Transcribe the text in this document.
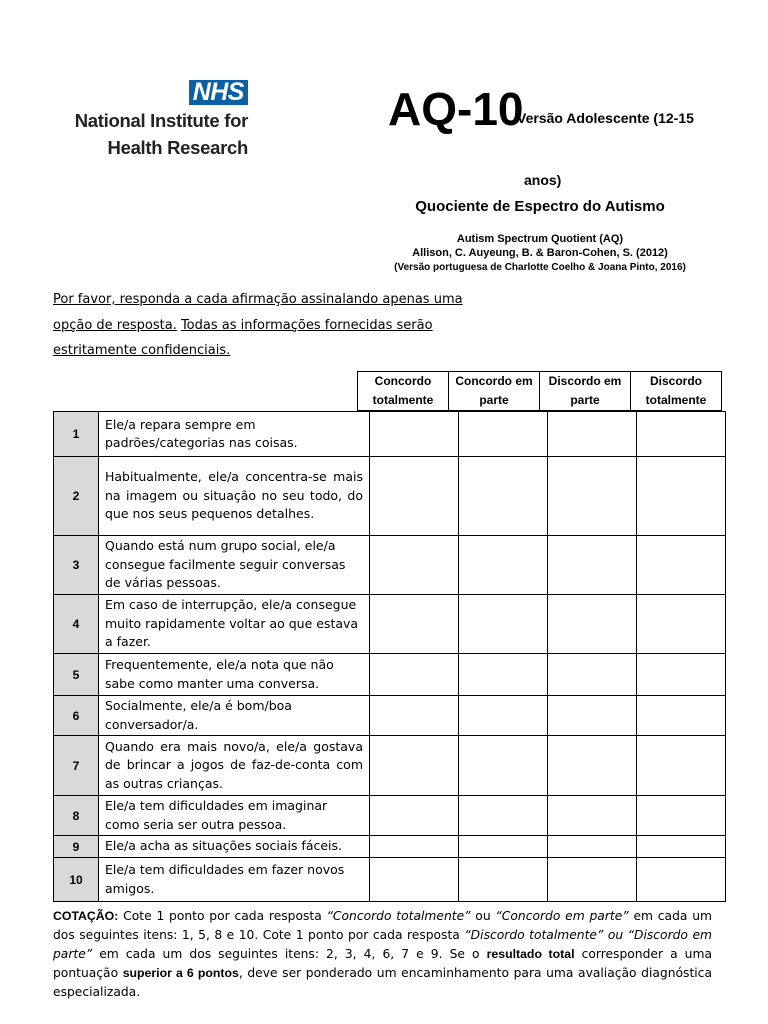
NHS
National Institute for
Health Research
AQ-10
Versão Adolescente (12-15
anos)
Quociente de Espectro do Autismo
Autism Spectrum Quotient (AQ)
Allison, C. Auyeung, B. & Baron-Cohen, S. (2012)
(Versão portuguesa de Charlotte Coelho & Joana Pinto, 2016)
Por favor, responda a cada afirmação assinalando apenas uma opção de resposta. Todas as informações fornecidas serão estritamente confidenciais.
Concordo totalmente	Concordo em parte	Discordo em parte	Discordo totalmente
1	Ele/a repara sempre em padrões/categorias nas coisas.				
2	Habitualmente, ele/a concentra-se mais na imagem ou situação no seu todo, do que nos seus pequenos detalhes.				
3	Quando está num grupo social, ele/a consegue facilmente seguir conversas de várias pessoas.				
4	Em caso de interrupção, ele/a consegue muito rapidamente voltar ao que estava a fazer.				
5	Frequentemente, ele/a nota que não sabe como manter uma conversa.				
6	Socialmente, ele/a é bom/boa conversador/a.				
7	Quando era mais novo/a, ele/a gostava de brincar a jogos de faz-de-conta com as outras crianças.				
8	Ele/a tem dificuldades em imaginar como seria ser outra pessoa.				
9	Ele/a acha as situações sociais fáceis.				
10	Ele/a tem dificuldades em fazer novos amigos.				
COTAÇÃO: Cote 1 ponto por cada resposta “Concordo totalmente” ou “Concordo em parte” em cada um dos seguintes itens: 1, 5, 8 e 10. Cote 1 ponto por cada resposta “Discordo totalmente” ou “Discordo em parte” em cada um dos seguintes itens: 2, 3, 4, 6, 7 e 9. Se o resultado total corresponder a uma pontuação superior a 6 pontos, deve ser ponderado um encaminhamento para uma avaliação diagnóstica especializada.
